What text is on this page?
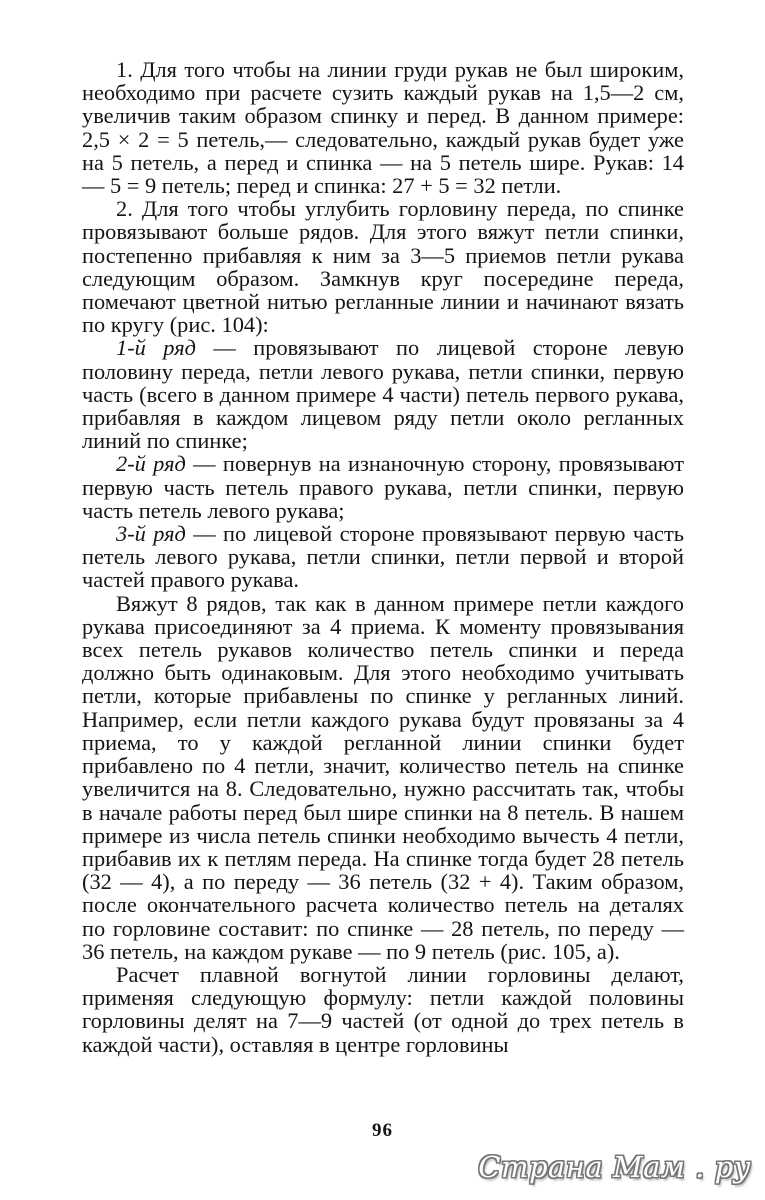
1. Для того чтобы на линии груди рукав не был широким, необходимо при расчете сузить каждый рукав на 1,5—2 см, увеличив таким образом спинку и перед. В данном примере: 2,5 × 2 = 5 петель,— следовательно, каждый рукав будет у́же на 5 петель, а перед и спинка — на 5 петель шире. Рукав: 14 — 5 = 9 петель; перед и спинка: 27 + 5 = 32 петли.

2. Для того чтобы углубить горловину переда, по спинке провязывают больше рядов. Для этого вяжут петли спинки, постепенно прибавляя к ним за 3—5 приемов петли рукава следующим образом. Замкнув круг посередине переда, помечают цветной нитью регланные линии и начинают вязать по кругу (рис. 104):

1-й ряд — провязывают по лицевой стороне левую половину переда, петли левого рукава, петли спинки, первую часть (всего в данном примере 4 части) петель первого рукава, прибавляя в каждом лицевом ряду петли около регланных линий по спинке;

2-й ряд — повернув на изнаночную сторону, провязывают первую часть петель правого рукава, петли спинки, первую часть петель левого рукава;

3-й ряд — по лицевой стороне провязывают первую часть петель левого рукава, петли спинки, петли первой и второй частей правого рукава.

Вяжут 8 рядов, так как в данном примере петли каждого рукава присоединяют за 4 приема. К моменту провязывания всех петель рукавов количество петель спинки и переда должно быть одинаковым. Для этого необходимо учитывать петли, которые прибавлены по спинке у регланных линий. Например, если петли каждого рукава будут провязаны за 4 приема, то у каждой регланной линии спинки будет прибавлено по 4 петли, значит, количество петель на спинке увеличится на 8. Следовательно, нужно рассчитать так, чтобы в начале работы перед был шире спинки на 8 петель. В нашем примере из числа петель спинки необходимо вычесть 4 петли, прибавив их к петлям переда. На спинке тогда будет 28 петель (32 — 4), а по переду — 36 петель (32 + 4). Таким образом, после окончательного расчета количество петель на деталях по горловине составит: по спинке — 28 петель, по переду — 36 петель, на каждом рукаве — по 9 петель (рис. 105, а).

Расчет плавной вогнутой линии горловины делают, применяя следующую формулу: петли каждой половины горловины делят на 7—9 частей (от одной до трех петель в каждой части), оставляя в центре горловины

96
Страна Мам . ру
